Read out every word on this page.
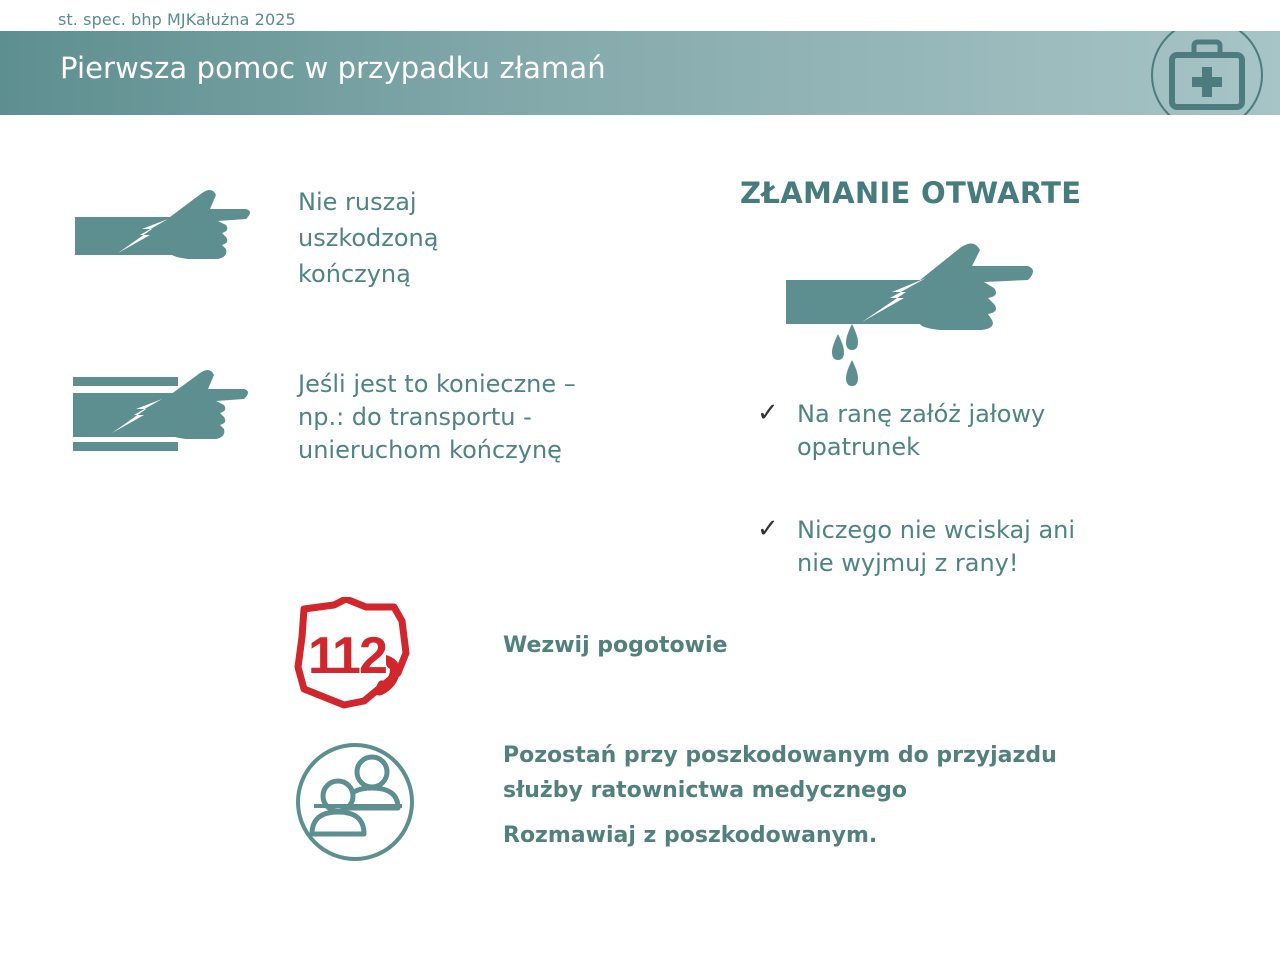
st. spec. bhp MJKałużna 2025
Pierwsza pomoc w przypadku złamań
Nie ruszaj
uszkodzoną
kończyną
Jeśli jest to konieczne –
np.: do transportu -
unieruchom kończynę
ZŁAMANIE OTWARTE
✓ Na ranę załóż jałowy
opatrunek
✓ Niczego nie wciskaj ani
nie wyjmuj z rany!
112	Wezwij pogotowie
Pozostań przy poszkodowanym do przyjazdu
służby ratownictwa medycznego
Rozmawiaj z poszkodowanym.
